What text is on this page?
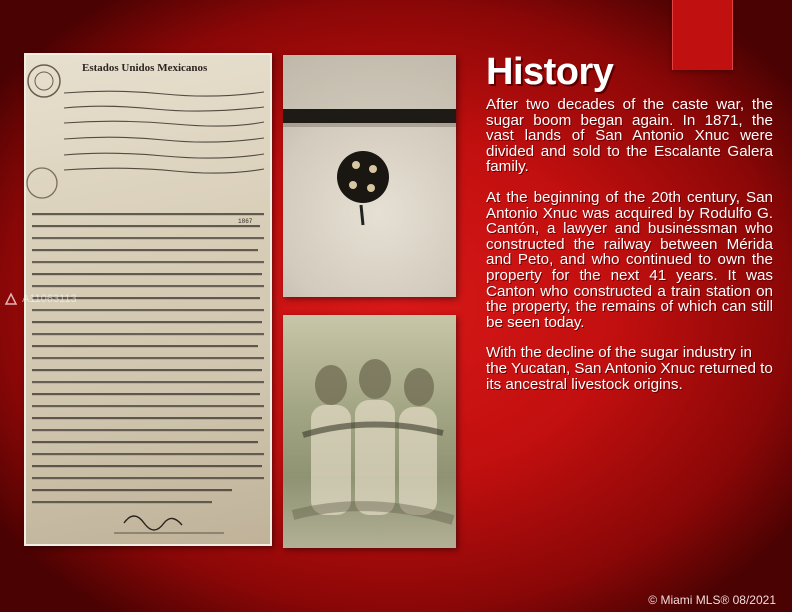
Estados Unidos Mexicanos
1867
History

After two decades of the caste war, the sugar boom began again. In 1871, the vast lands of San Antonio Xnuc were divided and sold to the Escalante Galera family.

At the beginning of the 20th century, San Antonio Xnuc was acquired by Rodulfo G. Cantón, a lawyer and businessman who constructed the railway between Mérida and Peto, and who continued to own the property for the next 41 years. It was Canton who constructed a train station on the property, the remains of which can still be seen today.

With the decline of the sugar industry in the Yucatan, San Antonio Xnuc returned to its ancestral livestock origins.

A11063113
© Miami MLS® 08/2021
